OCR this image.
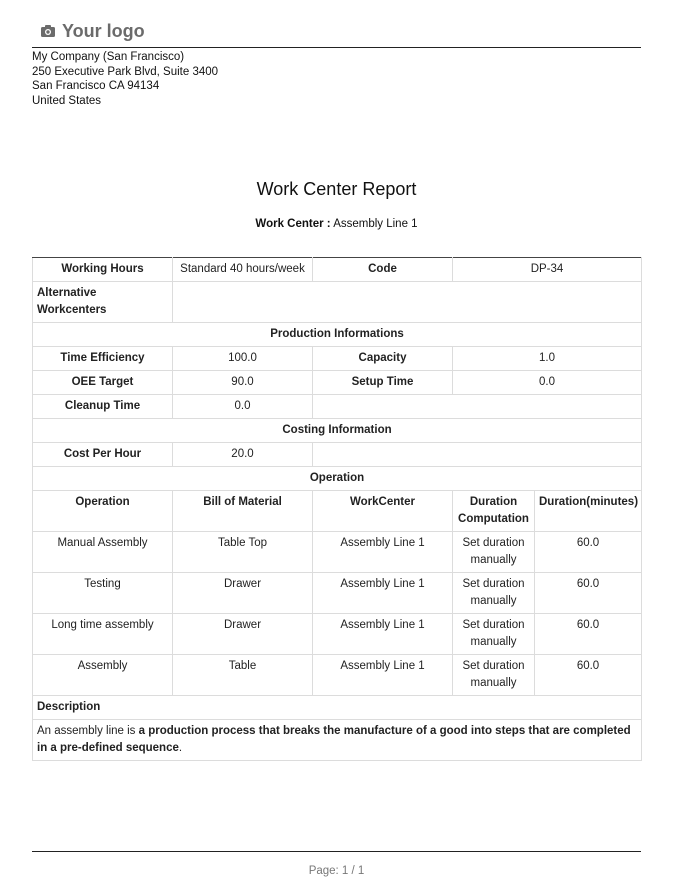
Your logo
My Company (San Francisco)
250 Executive Park Blvd, Suite 3400
San Francisco CA 94134
United States
Work Center Report
Work Center : Assembly Line 1
Working Hours	Standard 40 hours/week	Code	DP-34	
Alternative Workcenters				
Production Informations				
Time Efficiency	100.0	Capacity	1.0	
OEE Target	90.0	Setup Time	0.0	
Cleanup Time	0.0			
Costing Information				
Cost Per Hour	20.0			
Operation				
Operation	Bill of Material	WorkCenter	Duration Computation	Duration(minutes)
Manual Assembly	Table Top	Assembly Line 1	Set duration manually	60.0
Testing	Drawer	Assembly Line 1	Set duration manually	60.0
Long time assembly	Drawer	Assembly Line 1	Set duration manually	60.0
Assembly	Table	Assembly Line 1	Set duration manually	60.0
Description				
An assembly line is a production process that breaks the manufacture of a good into steps that are completed in a pre-defined sequence.				
Page: 1 / 1
